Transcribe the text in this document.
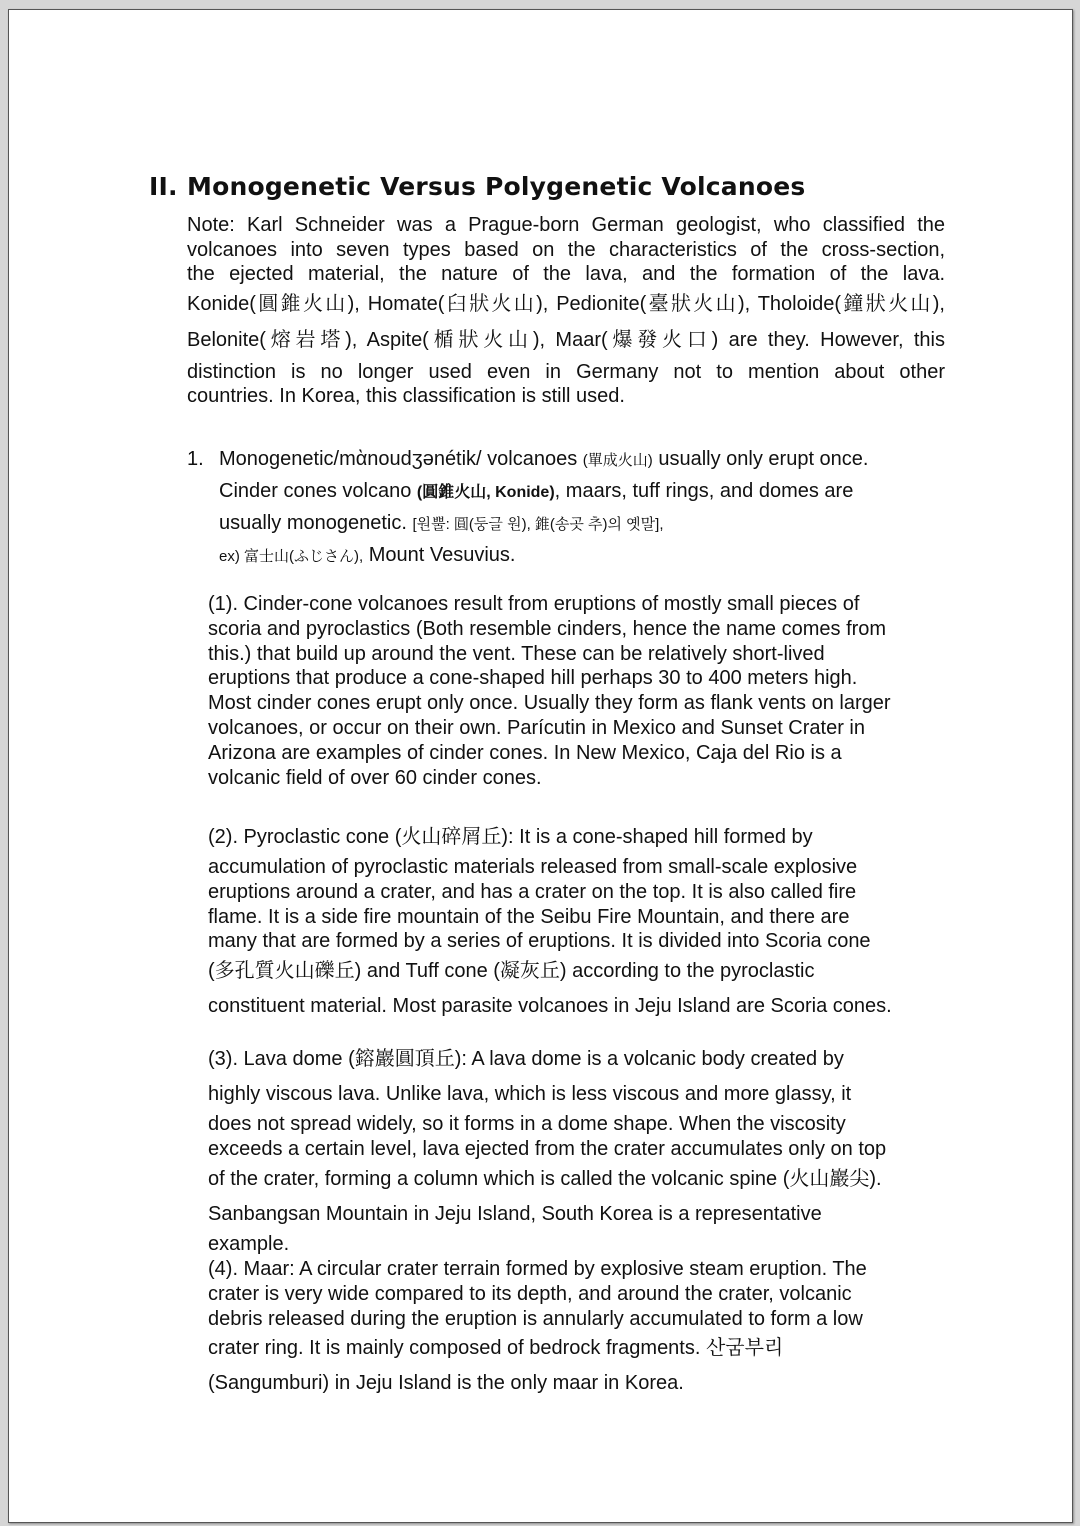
II. Monogenetic Versus Polygenetic Volcanoes

Note: Karl Schneider was a Prague-born German geologist, who classified the
volcanoes into seven types based on the characteristics of the cross-section,
the ejected material, the nature of the lava, and the formation of the lava.
Konide(圓錐火山), Homate(臼狀火山), Pedionite(臺狀火山), Tholoide(鐘狀火山),
Belonite(熔岩塔), Aspite(楯狀火山), Maar(爆發火口) are they. However, this
distinction is no longer used even in Germany not to mention about other
countries. In Korea, this classification is still used.

1. Monogenetic/mὰnoudʒənétik/ volcanoes (單成火山) usually only erupt once.
Cinder cones volcano (圓錐火山, Konide), maars, tuff rings, and domes are
usually monogenetic. [원뿔: 圓(둥글 원), 錐(송곳 추)의 옛말],
ex) 富士山(ふじさん), Mount Vesuvius.

(1). Cinder-cone volcanoes result from eruptions of mostly small pieces of
scoria and pyroclastics (Both resemble cinders, hence the name comes from
this.) that build up around the vent. These can be relatively short-lived
eruptions that produce a cone-shaped hill perhaps 30 to 400 meters high.
Most cinder cones erupt only once. Usually they form as flank vents on larger
volcanoes, or occur on their own. Parícutin in Mexico and Sunset Crater in
Arizona are examples of cinder cones. In New Mexico, Caja del Rio is a
volcanic field of over 60 cinder cones.

(2). Pyroclastic cone (火山碎屑丘): It is a cone-shaped hill formed by
accumulation of pyroclastic materials released from small-scale explosive
eruptions around a crater, and has a crater on the top. It is also called fire
flame. It is a side fire mountain of the Seibu Fire Mountain, and there are
many that are formed by a series of eruptions. It is divided into Scoria cone
(多孔質火山礫丘) and Tuff cone (凝灰丘) according to the pyroclastic
constituent material. Most parasite volcanoes in Jeju Island are Scoria cones.

(3). Lava dome (鎔巖圓頂丘): A lava dome is a volcanic body created by
highly viscous lava. Unlike lava, which is less viscous and more glassy, it
does not spread widely, so it forms in a dome shape. When the viscosity
exceeds a certain level, lava ejected from the crater accumulates only on top
of the crater, forming a column which is called the volcanic spine (火山巖尖).
Sanbangsan Mountain in Jeju Island, South Korea is a representative
example.

(4). Maar: A circular crater terrain formed by explosive steam eruption. The
crater is very wide compared to its depth, and around the crater, volcanic
debris released during the eruption is annularly accumulated to form a low
crater ring. It is mainly composed of bedrock fragments. 산굼부리
(Sangumburi) in Jeju Island is the only maar in Korea.
